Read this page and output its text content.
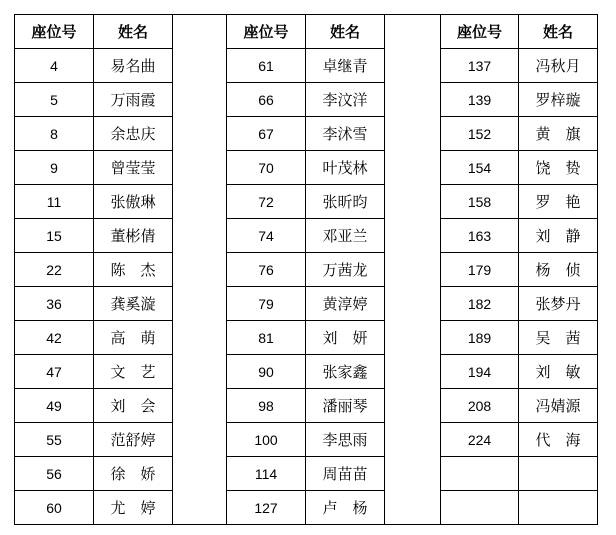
座位号	姓名		座位号	姓名		座位号	姓名
4	易名曲		61	卓继青		137	冯秋月
5	万雨霞		66	李汶洋		139	罗梓璇
8	余忠庆		67	李沭雪		152	黄　旗
9	曾莹莹		70	叶茂林		154	饶　贽
11	张傲琳		72	张昕昀		158	罗　艳
15	董彬倩		74	邓亚兰		163	刘　静
22	陈　杰		76	万茜龙		179	杨　侦
36	龚奚漩		79	黄淳婷		182	张梦丹
42	高　萌		81	刘　妍		189	吴　茜
47	文　艺		90	张家鑫		194	刘　敏
49	刘　会		98	潘丽琴		208	冯婧源
55	范舒婷		100	李思雨		224	代　海
56	徐　娇		114	周苗苗			
60	尤　婷		127	卢　杨			
